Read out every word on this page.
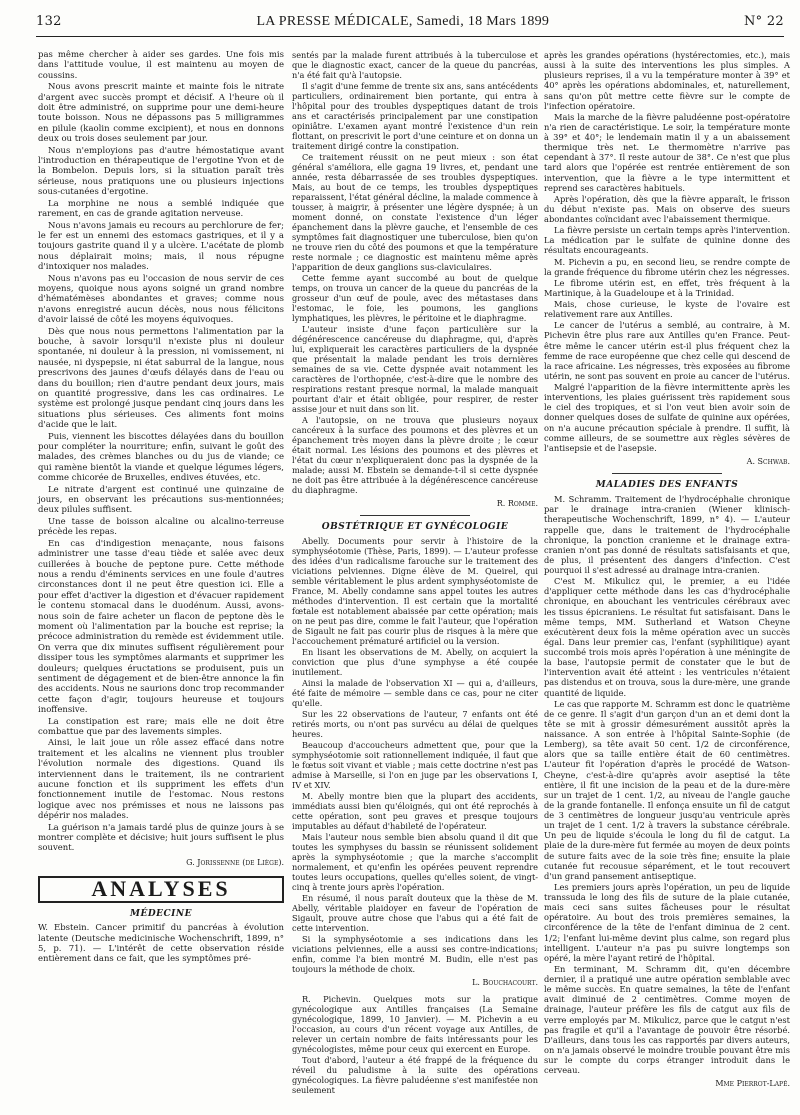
132	LA PRESSE MÉDICALE, Samedi, 18 Mars 1899	N° 22

pas même chercher à aider ses gardes. Une fois mis dans l'attitude voulue, il est maintenu au moyen de coussins.

Nous avons prescrit mainte et mainte fois le nitrate d'argent avec succès prompt et décisif. A l'heure où il doit être administré, on supprime pour une demi-heure toute boisson. Nous ne dépassons pas 5 milligrammes en pilule (kaolin comme excipient), et nous en donnons deux ou trois doses seulement par jour.

Nous n'employions pas d'autre hémostatique avant l'introduction en thérapeutique de l'ergotine Yvon et de la Bombelon. Depuis lors, si la situation paraît très sérieuse, nous pratiquons une ou plusieurs injections sous-cutanées d'ergotine.

La morphine ne nous a semblé indiquée que rarement, en cas de grande agitation nerveuse.

Nous n'avons jamais eu recours au perchlorure de fer; le fer est un ennemi des estomacs gastriques, et il y a toujours gastrite quand il y a ulcère. L'acétate de plomb nous déplairait moins; mais, il nous répugne d'intoxiquer nos malades.

Nous n'avons pas eu l'occasion de nous servir de ces moyens, quoique nous ayons soigné un grand nombre d'hématémèses abondantes et graves; comme nous n'avons enregistré aucun décès, nous nous félicitons d'avoir laissé de côté les moyens équivoques.

Dès que nous nous permettons l'alimentation par la bouche, à savoir lorsqu'il n'existe plus ni douleur spontanée, ni douleur à la pression, ni vomissement, ni nausée, ni dyspepsie, ni état saburral de la langue, nous prescrivons des jaunes d'œufs délayés dans de l'eau ou dans du bouillon; rien d'autre pendant deux jours, mais on quantité progressive, dans les cas ordinaires. Le système est prolongé jusque pendant cinq jours dans les situations plus sérieuses. Ces aliments font moins d'acide que le lait.

Puis, viennent les biscottes délayées dans du bouillon pour compléter la nourriture; enfin, suivant le goût des malades, des crèmes blanches ou du jus de viande; ce qui ramène bientôt la viande et quelque légumes légers, comme chicorée de Bruxelles, endives étuvées, etc.

Le nitrate d'argent est continué une quinzaine de jours, en observant les précautions sus-mentionnées; deux pilules suffisent.

Une tasse de boisson alcaline ou alcalino-terreuse précède les repas.

En cas d'indigestion menaçante, nous faisons administrer une tasse d'eau tiède et salée avec deux cuillerées à bouche de peptone pure. Cette méthode nous a rendu d'éminents services en une foule d'autres circonstances dont il ne peut être question ici. Elle a pour effet d'activer la digestion et d'évacuer rapidement le contenu stomacal dans le duodénum. Aussi, avons-nous soin de faire acheter un flacon de peptone dès le moment où l'alimentation par la bouche est reprise; la précoce administration du remède est évidemment utile. On verra que dix minutes suffisent régulièrement pour dissiper tous les symptômes alarmants et supprimer les douleurs; quelques éructations se produisent, puis un sentiment de dégagement et de bien-être annonce la fin des accidents. Nous ne saurions donc trop recommander cette façon d'agir, toujours heureuse et toujours inoffensive.

La constipation est rare; mais elle ne doit être combattue que par des lavements simples.

Ainsi, le lait joue un rôle assez effacé dans notre traitement et les alcalins ne viennent plus troubler l'évolution normale des digestions. Quand ils interviennent dans le traitement, ils ne contrarient aucune fonction et ils suppriment les effets d'un fonctionnement inutile de l'estomac. Nous restons logique avec nos prémisses et nous ne laissons pas dépérir nos malades.

La guérison n'a jamais tardé plus de quinze jours à se montrer complète et décisive; huit jours suffisent le plus souvent.

G. Jorissenne (de Liège).
ANALYSES
MÉDECINE

W. Ebstein. Cancer primitif du pancréas à évolution latente (Deutsche medicinische Wochenschrift, 1899, n° 5, p. 71). — L'intérêt de cette observation réside entièrement dans ce fait, que les symptômes pré-

sentés par la malade furent attribués à la tuberculose et que le diagnostic exact, cancer de la queue du pancréas, n'a été fait qu'à l'autopsie.

Il s'agit d'une femme de trente six ans, sans antécédents particuliers, ordinairement bien portante, qui entra à l'hôpital pour des troubles dyspeptiques datant de trois ans et caractérisés principalement par une constipation opiniâtre. L'examen ayant montré l'existence d'un rein flottant, on prescrivit le port d'une ceinture et on donna un traitement dirigé contre la constipation.

Ce traitement réussit on ne peut mieux : son état général s'améliora, elle gagna 19 livres, et, pendant une année, resta débarrassée de ses troubles dyspeptiques. Mais, au bout de ce temps, les troubles dyspeptiques reparaissent, l'état général décline, la malade commence à tousser, à maigrir, à présenter une légère dyspnée; à un moment donné, on constate l'existence d'un léger épanchement dans la plèvre gauche, et l'ensemble de ces symptômes fait diagnostiquer une tuberculose, bien qu'on ne trouve rien du côté des poumons et que la température reste normale ; ce diagnostic est maintenu même après l'apparition de deux ganglions sus-claviculaires.

Cette femme ayant succombé au bout de quelque temps, on trouva un cancer de la queue du pancréas de la grosseur d'un œuf de poule, avec des métastases dans l'estomac, le foie, les poumons, les ganglions lymphatiques, les plèvres, le péritoine et le diaphragme.

L'auteur insiste d'une façon particulière sur la dégénérescence cancéreuse du diaphragme, qui, d'après lui, expliquerait les caractères particuliers de la dyspnée que présentait la malade pendant les trois dernières semaines de sa vie. Cette dyspnée avait notamment les caractères de l'orthopnée, c'est-à-dire que le nombre des respirations restant presque normal, la malade manquait pourtant d'air et était obligée, pour respirer, de rester assise jour et nuit dans son lit.

A l'autopsie, on ne trouva que plusieurs noyaux cancéreux à la surface des poumons et des plèvres et un épanchement très moyen dans la plèvre droite ; le cœur était normal. Les lésions des poumons et des plèvres et l'état du cœur n'expliqueraient donc pas la dyspnée de la malade; aussi M. Ebstein se demande-t-il si cette dyspnée ne doit pas être attribuée à la dégénérescence cancéreuse du diaphragme.

R. Romme.
OBSTÉTRIQUE ET GYNÉCOLOGIE

Abelly. Documents pour servir à l'histoire de la symphyséotomie (Thèse, Paris, 1899). — L'auteur professe des idées d'un radicalisme farouche sur le traitement des viciations pelviennes. Digne élève de M. Queirel, qui semble véritablement le plus ardent symphyséotomiste de France, M. Abelly condamne sans appel toutes les autres méthodes d'intervention. Il est certain que la mortalité fœtale est notablement abaissée par cette opération; mais on ne peut pas dire, comme le fait l'auteur, que l'opération de Sigault ne fait pas courir plus de risques à la mère que l'accouchement prématuré artificiel ou la version.

En lisant les observations de M. Abelly, on acquiert la conviction que plus d'une symphyse a été coupée inutilement.

Ainsi la malade de l'observation XI — qui a, d'ailleurs, été faite de mémoire — semble dans ce cas, pour ne citer qu'elle.

Sur les 22 observations de l'auteur, 7 enfants ont été retirés morts, ou n'ont pas survécu au délai de quelques heures.

Beaucoup d'accoucheurs admettent que, pour que la symphyséotomie soit rationnellement indiquée, il faut que le fœtus soit vivant et viable ; mais cette doctrine n'est pas admise à Marseille, si l'on en juge par les observations I, IV et XIV.

M. Abelly montre bien que la plupart des accidents, immédiats aussi bien qu'éloignés, qui ont été reprochés à cette opération, sont peu graves et presque toujours imputables au défaut d'habileté de l'opérateur.

Mais l'auteur nous semble bien absolu quand il dit que toutes les symphyses du bassin se réunissent solidement après la symphyséotomie ; que la marche s'accomplit normalement, et qu'enfin les opérées peuvent reprendre toutes leurs occupations, quelles qu'elles soient, de vingt-cinq à trente jours après l'opération.

En résumé, il nous paraît douteux que la thèse de M. Abelly, véritable plaidoyer en faveur de l'opération de Sigault, prouve autre chose que l'abus qui a été fait de cette intervention.

Si la symphyséotomie a ses indications dans les viciations pelviennes, elle a aussi ses contre-indications; enfin, comme l'a bien montré M. Budin, elle n'est pas toujours la méthode de choix.

L. Bouchacourt.

R. Pichevin. Quelques mots sur la pratique gynécologique aux Antilles françaises (La Semaine gynécologique, 1899, 10 Janvier). — M. Pichevin a eu l'occasion, au cours d'un récent voyage aux Antilles, de relever un certain nombre de faits intéressants pour les gynécologistes, même pour ceux qui exercent en Europe.

Tout d'abord, l'auteur a été frappé de la fréquence du réveil du paludisme à la suite des opérations gynécologiques. La fièvre paludéenne s'est manifestée non seulement

après les grandes opérations (hystérectomies, etc.), mais aussi à la suite des interventions les plus simples. A plusieurs reprises, il a vu la température monter à 39° et 40° après les opérations abdominales, et, naturellement, sans qu'on pût mettre cette fièvre sur le compte de l'infection opératoire.

Mais la marche de la fièvre paludéenne post-opératoire n'a rien de caractéristique. Le soir, la température monte à 39° et 40°; le lendemain matin il y a un abaissement thermique très net. Le thermomètre n'arrive pas cependant à 37°. Il reste autour de 38°. Ce n'est que plus tard alors que l'opérée est rentrée entièrement de son intervention, que la fièvre a le type intermittent et reprend ses caractères habituels.

Après l'opération, dès que la fièvre apparaît, le frisson du début n'existe pas. Mais on observe des sueurs abondantes coïncidant avec l'abaissement thermique.

La fièvre persiste un certain temps après l'intervention. La médication par le sulfate de quinine donne des résultats encourageants.

M. Pichevin a pu, en second lieu, se rendre compte de la grande fréquence du fibrome utérin chez les négresses.

Le fibrome utérin est, en effet, très fréquent à la Martinique, à la Guadeloupe et à la Trinidad.

Mais, chose curieuse, le kyste de l'ovaire est relativement rare aux Antilles.

Le cancer de l'utérus a semblé, au contraire, à M. Pichevin être plus rare aux Antilles qu'en France. Peut-être même le cancer utérin est-il plus fréquent chez la femme de race européenne que chez celle qui descend de la race africaine. Les négresses, très exposées au fibrome utérin, ne sont pas souvent en proie au cancer de l'utérus.

Malgré l'apparition de la fièvre intermittente après les interventions, les plaies guérissent très rapidement sous le ciel des tropiques, et si l'on veut bien avoir soin de donner quelques doses de sulfate de quinine aux opérées, on n'a aucune précaution spéciale à prendre. Il suffit, là comme ailleurs, de se soumettre aux règles sévères de l'antisepsie et de l'asepsie.

A. Schwab.
MALADIES DES ENFANTS

M. Schramm. Traitement de l'hydrocéphalie chronique par le drainage intra-cranien (Wiener klinisch-therapeutische Wochenschrift, 1899, n° 4). — L'auteur rappelle que, dans le traitement de l'hydrocéphalie chronique, la ponction cranienne et le drainage extra-cranien n'ont pas donné de résultats satisfaisants et que, de plus, il présentent des dangers d'infection. C'est pourquoi il s'est adressé au drainage intra-cranien.

C'est M. Mikulicz qui, le premier, a eu l'idée d'appliquer cette méthode dans les cas d'hydrocéphalie chronique, en abouchant les ventricules cérébraux avec les tissus épicraniens. Le résultat fut satisfaisant. Dans le même temps, MM. Sutherland et Watson Cheyne exécutèrent deux fois la même opération avec un succès égal. Dans leur premier cas, l'enfant (syphilitique) ayant succombé trois mois après l'opération à une méningite de la base, l'autopsie permit de constater que le but de l'intervention avait été atteint : les ventricules n'étaient pas distendus et on trouva, sous la dure-mère, une grande quantité de liquide.

Le cas que rapporte M. Schramm est donc le quatrième de ce genre. Il s'agit d'un garçon d'un an et demi dont la tête se mit à grossir démesurément aussitôt après la naissance. A son entrée à l'hôpital Sainte-Sophie (de Lemberg), sa tête avait 50 cent. 1/2 de circonférence, alors que sa taille entière était de 60 centimètres. L'auteur fit l'opération d'après le procédé de Watson-Cheyne, c'est-à-dire qu'après avoir aseptisé la tête entière, il fit une incision de la peau et de la dure-mère sur un trajet de 1 cent. 1/2, au niveau de l'angle gauche de la grande fontanelle. Il enfonça ensuite un fil de catgut de 3 centimètres de longueur jusqu'au ventricule après un trajet de 1 cent. 1/2 à travers la substance cérébrale. Un peu de liquide s'écoula le long du fil de catgut. La plaie de la dure-mère fut fermée au moyen de deux points de suture faits avec de la soie très fine; ensuite la plaie cutanée fut recousue séparément, et le tout recouvert d'un grand pansement antiseptique.

Les premiers jours après l'opération, un peu de liquide transsuda le long des fils de suture de la plaie cutanée, mais ceci sans suites fâcheuses pour le résultat opératoire. Au bout des trois premières semaines, la circonférence de la tête de l'enfant diminua de 2 cent. 1/2; l'enfant lui-même devint plus calme, son regard plus intelligent. L'auteur n'a pas pu suivre longtemps son opéré, la mère l'ayant retiré de l'hôpital.

En terminant, M. Schramm dit, qu'en décembre dernier, il a pratiqué une autre opération semblable avec le même succès. En quatre semaines, la tête de l'enfant avait diminué de 2 centimètres. Comme moyen de drainage, l'auteur préfère les fils de catgut aux fils de verre employés par M. Mikulicz, parce que le catgut n'est pas fragile et qu'il a l'avantage de pouvoir être résorbé. D'ailleurs, dans tous les cas rapportés par divers auteurs, on n'a jamais observé le moindre trouble pouvant être mis sur le compte du corps étranger introduit dans le cerveau.

Mme Pierrot-Lapé.
